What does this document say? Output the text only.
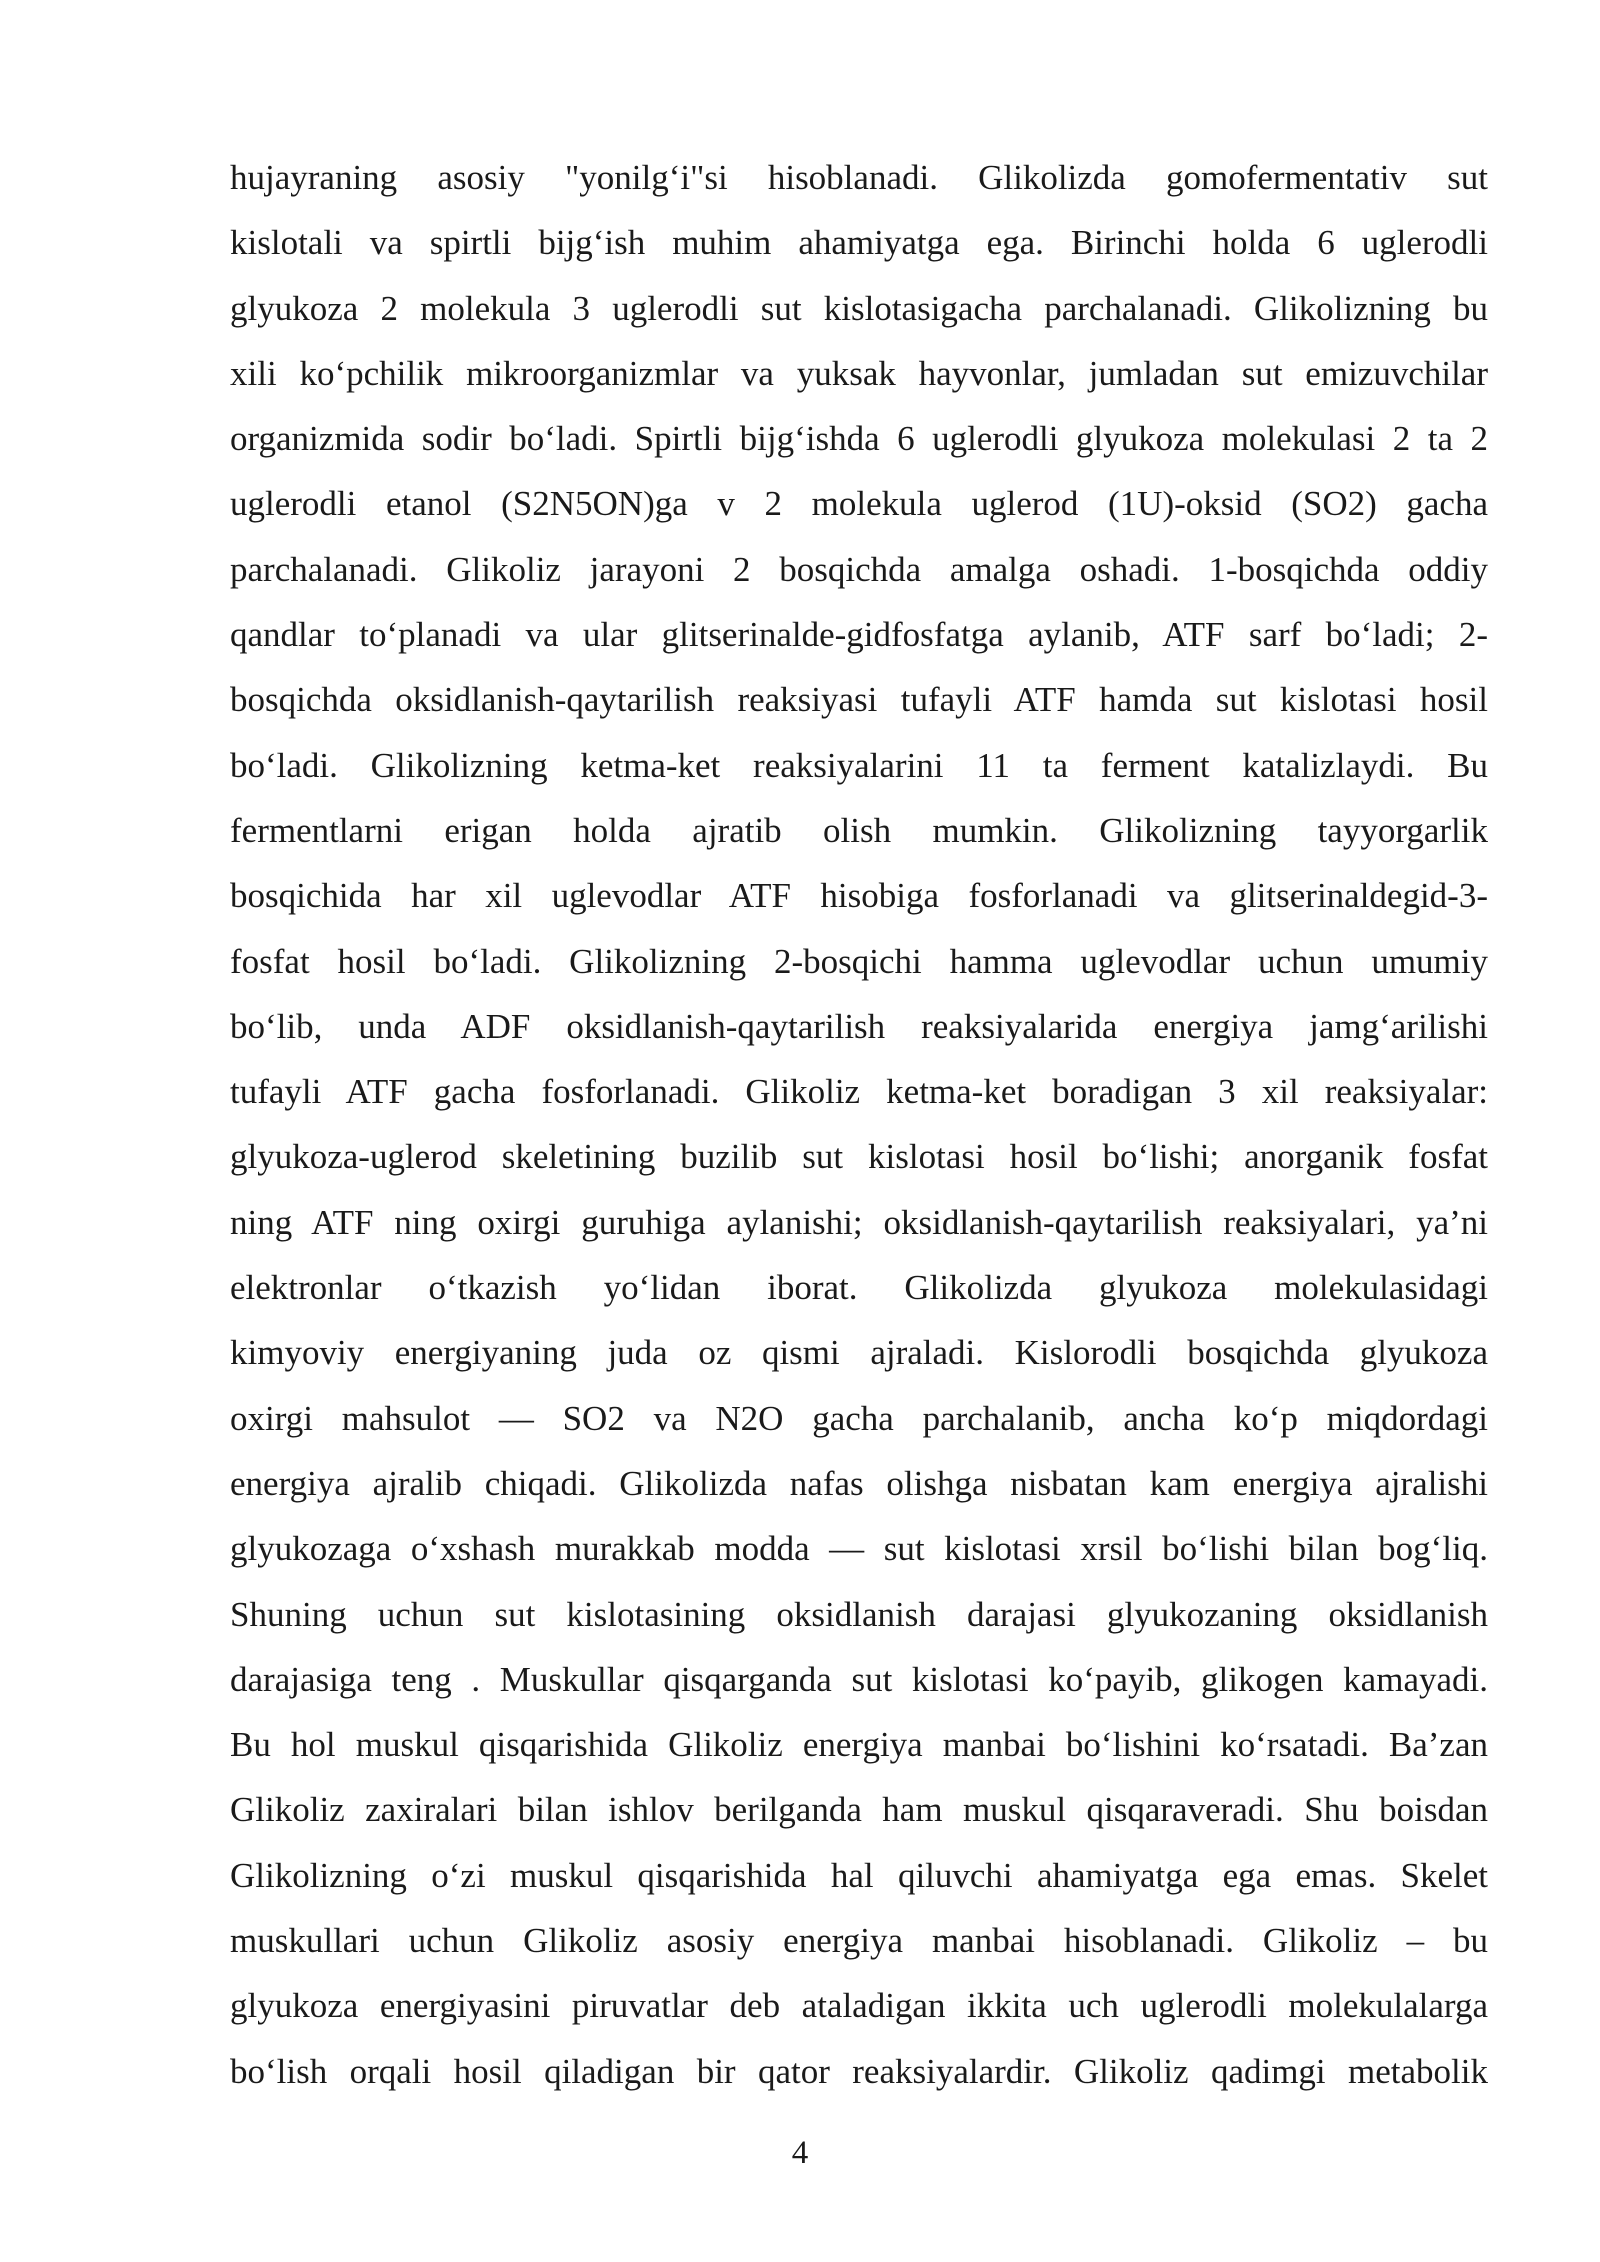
hujayraning asosiy "yonilg‘i"si hisoblanadi. Glikolizda gomofermentativ sut
kislotali va spirtli bijg‘ish muhim ahamiyatga ega. Birinchi holda 6 uglerodli
glyukoza 2 molekula 3 uglerodli sut kislotasigacha parchalanadi. Glikolizning bu
xili ko‘pchilik mikroorganizmlar va yuksak hayvonlar, jumladan sut emizuvchilar
organizmida sodir bo‘ladi. Spirtli bijg‘ishda 6 uglerodli glyukoza molekulasi 2 ta 2
uglerodli etanol (S2N5ON)ga v 2 molekula uglerod (1U)-oksid (SO2) gacha
parchalanadi. Glikoliz jarayoni 2 bosqichda amalga oshadi. 1-bosqichda oddiy
qandlar to‘planadi va ular glitserinalde-gidfosfatga aylanib, ATF sarf bo‘ladi; 2-
bosqichda oksidlanish-qaytarilish reaksiyasi tufayli ATF hamda sut kislotasi hosil
bo‘ladi. Glikolizning ketma-ket reaksiyalarini 11 ta ferment katalizlaydi. Bu
fermentlarni erigan holda ajratib olish mumkin. Glikolizning tayyorgarlik
bosqichida har xil uglevodlar ATF hisobiga fosforlanadi va glitserinaldegid-3-
fosfat hosil bo‘ladi. Glikolizning 2-bosqichi hamma uglevodlar uchun umumiy
bo‘lib, unda ADF oksidlanish-qaytarilish reaksiyalarida energiya jamg‘arilishi
tufayli ATF gacha fosforlanadi. Glikoliz ketma-ket boradigan 3 xil reaksiyalar:
glyukoza-uglerod skeletining buzilib sut kislotasi hosil bo‘lishi; anorganik fosfat
ning ATF ning oxirgi guruhiga aylanishi; oksidlanish-qaytarilish reaksiyalari, ya’ni
elektronlar o‘tkazish yo‘lidan iborat. Glikolizda glyukoza molekulasidagi
kimyoviy energiyaning juda oz qismi ajraladi. Kislorodli bosqichda glyukoza
oxirgi mahsulot — SO2 va N2O gacha parchalanib, ancha ko‘p miqdordagi
energiya ajralib chiqadi. Glikolizda nafas olishga nisbatan kam energiya ajralishi
glyukozaga o‘xshash murakkab modda — sut kislotasi xrsil bo‘lishi bilan bog‘liq.
Shuning uchun sut kislotasining oksidlanish darajasi glyukozaning oksidlanish
darajasiga teng . Muskullar qisqarganda sut kislotasi ko‘payib, glikogen kamayadi.
Bu hol muskul qisqarishida Glikoliz energiya manbai bo‘lishini ko‘rsatadi. Ba’zan
Glikoliz zaxiralari bilan ishlov berilganda ham muskul qisqaraveradi. Shu boisdan
Glikolizning o‘zi muskul qisqarishida hal qiluvchi ahamiyatga ega emas. Skelet
muskullari uchun Glikoliz asosiy energiya manbai hisoblanadi. Glikoliz – bu
glyukoza energiyasini piruvatlar deb ataladigan ikkita uch uglerodli molekulalarga
bo‘lish orqali hosil qiladigan bir qator reaksiyalardir. Glikoliz qadimgi metabolik
4
